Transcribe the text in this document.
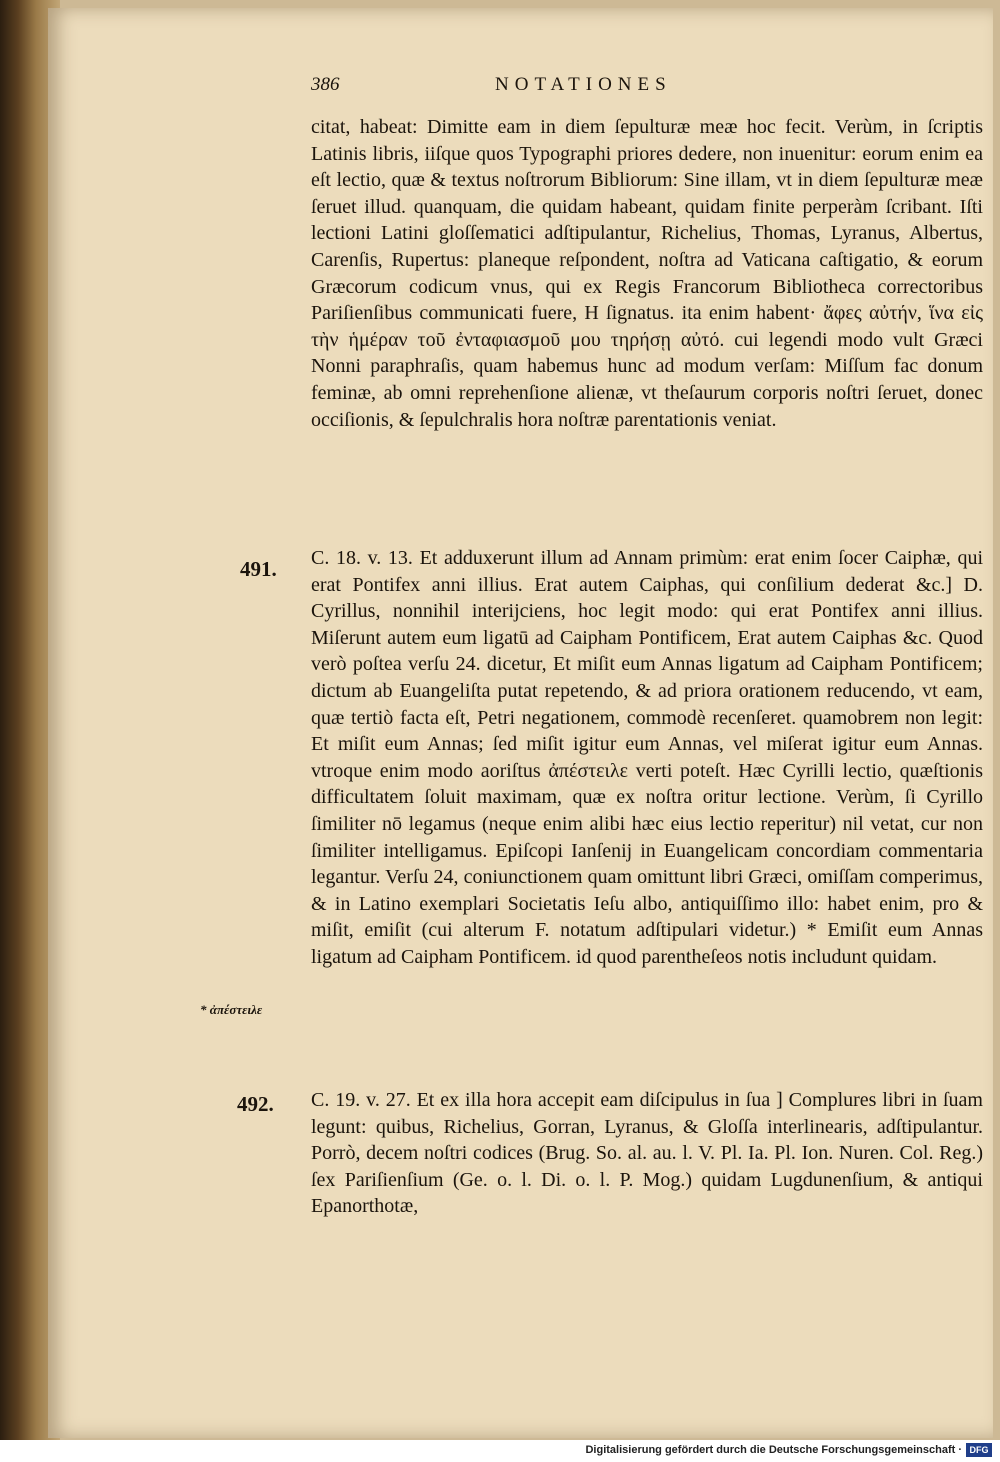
386	NOTATIONES
citat, habeat: Dimitte eam in diem ſepulturæ meæ hoc fecit. Verùm, in ſcriptis Latinis libris, iiſque quos Typographi priores dedere, non inuenitur: eorum enim ea eſt lectio, quæ & textus noſtrorum Bibliorum: Sine illam, vt in diem ſepulturæ meæ ſeruet illud. quanquam, die quidam habeant, quidam finite perperàm ſcribant. Iſti lectioni Latini gloſſematici adſtipulantur, Richelius, Thomas, Lyranus, Albertus, Carenſis, Rupertus: planeque reſpondent, noſtra ad Vaticana caſtigatio, & eorum Græcorum codicum vnus, qui ex Regis Francorum Bibliotheca correctoribus Pariſienſibus communicati fuere, H ſignatus. ita enim habent· ἄφες αὐτήν, ἵνα εἰς τὴν ἡμέραν τοῦ ἐνταφιασμοῦ μου τηρήσῃ αὐτό. cui legendi modo vult Græci Nonni paraphraſis, quam habemus hunc ad modum verſam: Miſſum fac donum feminæ, ab omni reprehenſione alienæ, vt theſaurum corporis noſtri ſeruet, donec occiſionis, & ſepulchralis hora noſtræ parentationis veniat.
491. C. 18. v. 13. Et adduxerunt illum ad Annam primùm: erat enim ſocer Caiphæ, qui erat Pontifex anni illius. Erat autem Caiphas, qui conſilium dederat &c.] D. Cyrillus, nonnihil interijciens, hoc legit modo: qui erat Pontifex anni illius. Miſerunt autem eum ligatū ad Caipham Pontificem, Erat autem Caiphas &c. Quod verò poſtea verſu 24. dicetur, Et miſit eum Annas ligatum ad Caipham Pontificem; dictum ab Euangeliſta putat repetendo, & ad priora orationem reducendo, vt eam, quæ tertiò facta eſt, Petri negationem, commodè recenſeret. quamobrem non legit: Et miſit eum Annas; ſed miſit igitur eum Annas, vel miſerat igitur eum Annas. vtroque enim modo aoriſtus ἀπέστειλε verti poteſt. Hæc Cyrilli lectio, quæſtionis difficultatem ſoluit maximam, quæ ex noſtra oritur lectione. Verùm, ſi Cyrillo ſimiliter nō legamus (neque enim alibi hæc eius lectio reperitur) nil vetat, cur non ſimiliter intelligamus. Epiſcopi Ianſenij in Euangelicam concordiam commentaria legantur. Verſu 24, coniunctionem quam omittunt libri Græci, omiſſam comperimus, & in Latino exemplari Societatis Ieſu albo, antiquiſſimo illo: habet enim, pro & miſit, emiſit (cui alterum F. notatum adſtipulari videtur.) * Emiſit eum Annas ligatum ad Caipham Pontificem. id quod parentheſeos notis includunt quidam.
* ἀπέστειλε
492. C. 19. v. 27. Et ex illa hora accepit eam diſcipulus in ſua ] Complures libri in ſuam legunt: quibus, Richelius, Gorran, Lyranus, & Gloſſa interlinearis, adſtipulantur. Porrò, decem noſtri codices (Brug. So. al. au. l. V. Pl. Ia. Pl. Ion. Nuren. Col. Reg.) ſex Pariſienſium (Ge. o. l. Di. o. l. P. Mog.) quidam Lugdunenſium, & antiqui Epanorthotæ,
Digitalisierung gefördert durch die Deutsche Forschungsgemeinschaft · DFG
